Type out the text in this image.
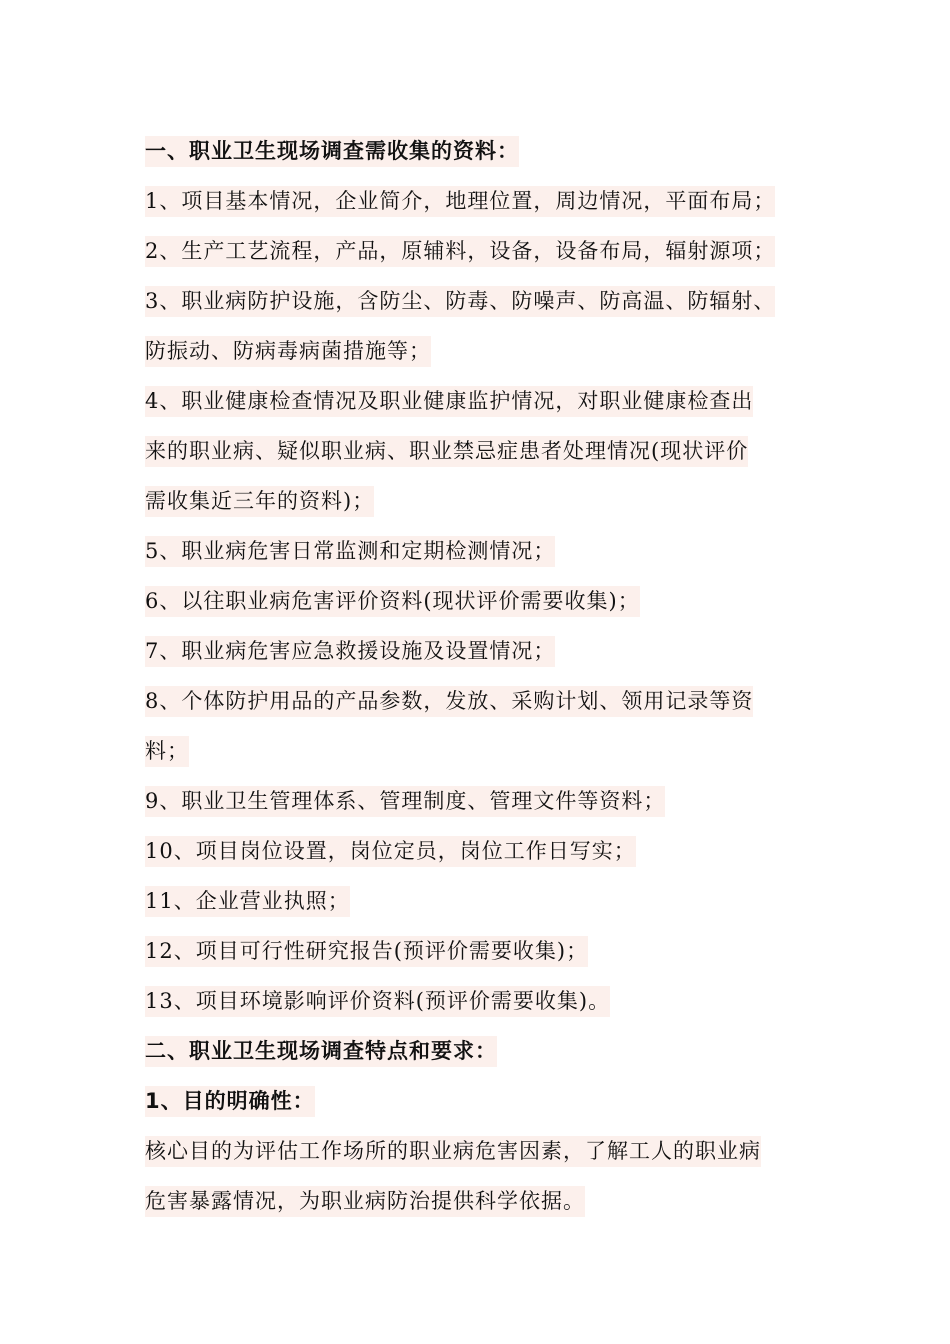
一、职业卫生现场调查需收集的资料：
1、项目基本情况，企业简介，地理位置，周边情况，平面布局；
2、生产工艺流程，产品，原辅料，设备，设备布局，辐射源项；
3、职业病防护设施，含防尘、防毒、防噪声、防高温、防辐射、
防振动、防病毒病菌措施等；
4、职业健康检查情况及职业健康监护情况，对职业健康检查出
来的职业病、疑似职业病、职业禁忌症患者处理情况(现状评价
需收集近三年的资料)；
5、职业病危害日常监测和定期检测情况；
6、以往职业病危害评价资料(现状评价需要收集)；
7、职业病危害应急救援设施及设置情况；
8、个体防护用品的产品参数，发放、采购计划、领用记录等资
料；
9、职业卫生管理体系、管理制度、管理文件等资料；
10、项目岗位设置，岗位定员，岗位工作日写实；
11、企业营业执照；
12、项目可行性研究报告(预评价需要收集)；
13、项目环境影响评价资料(预评价需要收集)。
二、职业卫生现场调查特点和要求：
1、目的明确性：
核心目的为评估工作场所的职业病危害因素，了解工人的职业病
危害暴露情况，为职业病防治提供科学依据。
